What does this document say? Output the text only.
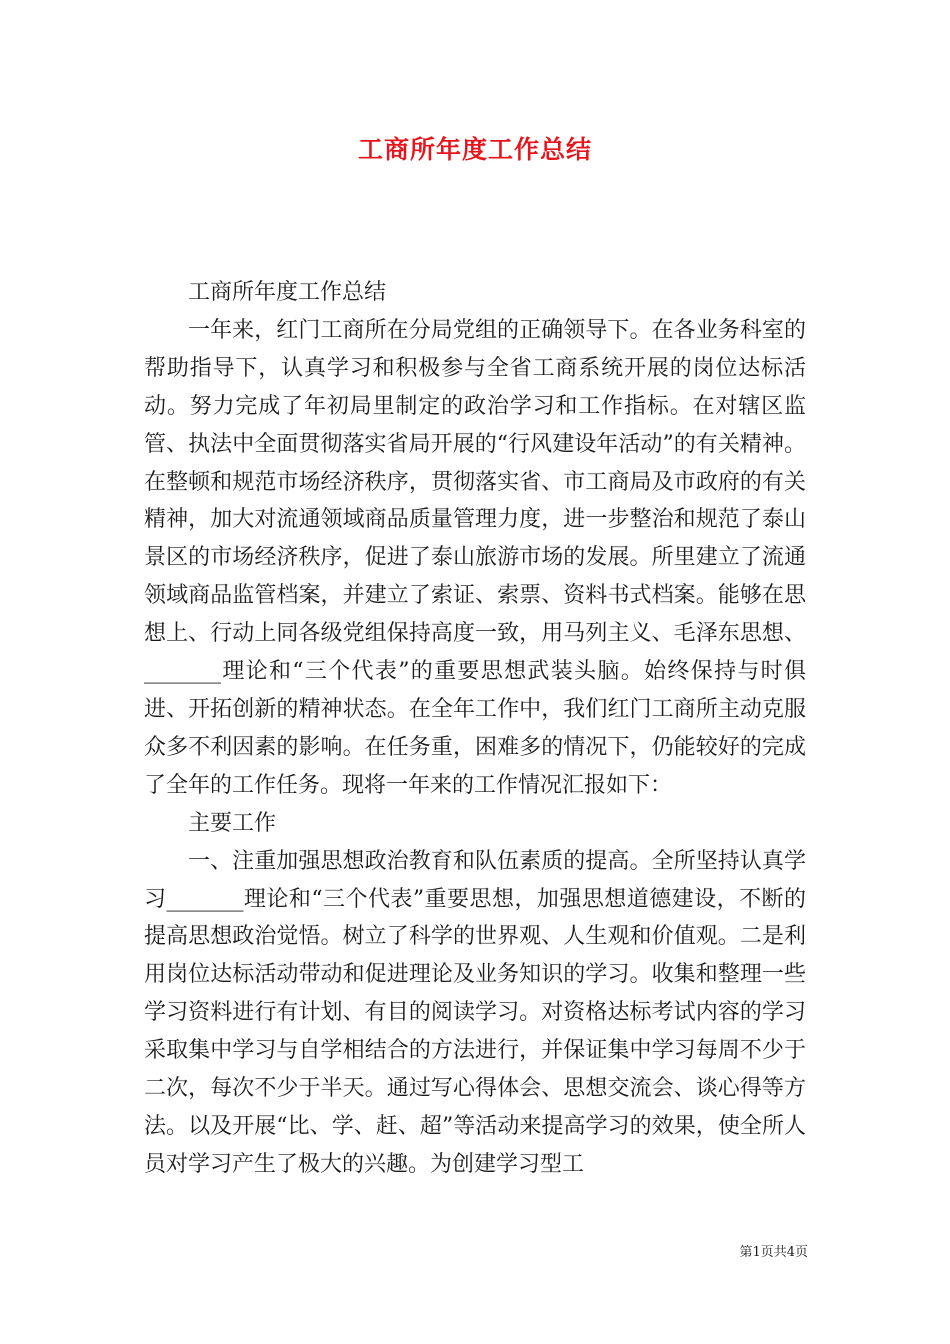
工商所年度工作总结

工商所年度工作总结

一年来，红门工商所在分局党组的正确领导下。在各业务科室的帮助指导下，认真学习和积极参与全省工商系统开展的岗位达标活动。努力完成了年初局里制定的政治学习和工作指标。在对辖区监管、执法中全面贯彻落实省局开展的“行风建设年活动”的有关精神。在整顿和规范市场经济秩序，贯彻落实省、市工商局及市政府的有关精神，加大对流通领域商品质量管理力度，进一步整治和规范了泰山景区的市场经济秩序，促进了泰山旅游市场的发展。所里建立了流通领域商品监管档案，并建立了索证、索票、资料书式档案。能够在思想上、行动上同各级党组保持高度一致，用马列主义、毛泽东思想、_______理论和“三个代表”的重要思想武装头脑。始终保持与时俱进、开拓创新的精神状态。在全年工作中，我们红门工商所主动克服众多不利因素的影响。在任务重，困难多的情况下，仍能较好的完成了全年的工作任务。现将一年来的工作情况汇报如下：

主要工作

一、注重加强思想政治教育和队伍素质的提高。全所坚持认真学习_______理论和“三个代表”重要思想，加强思想道德建设，不断的提高思想政治觉悟。树立了科学的世界观、人生观和价值观。二是利用岗位达标活动带动和促进理论及业务知识的学习。收集和整理一些学习资料进行有计划、有目的阅读学习。对资格达标考试内容的学习采取集中学习与自学相结合的方法进行，并保证集中学习每周不少于二次，每次不少于半天。通过写心得体会、思想交流会、谈心得等方法。以及开展“比、学、赶、超”等活动来提高学习的效果，使全所人员对学习产生了极大的兴趣。为创建学习型工

第1页共4页
